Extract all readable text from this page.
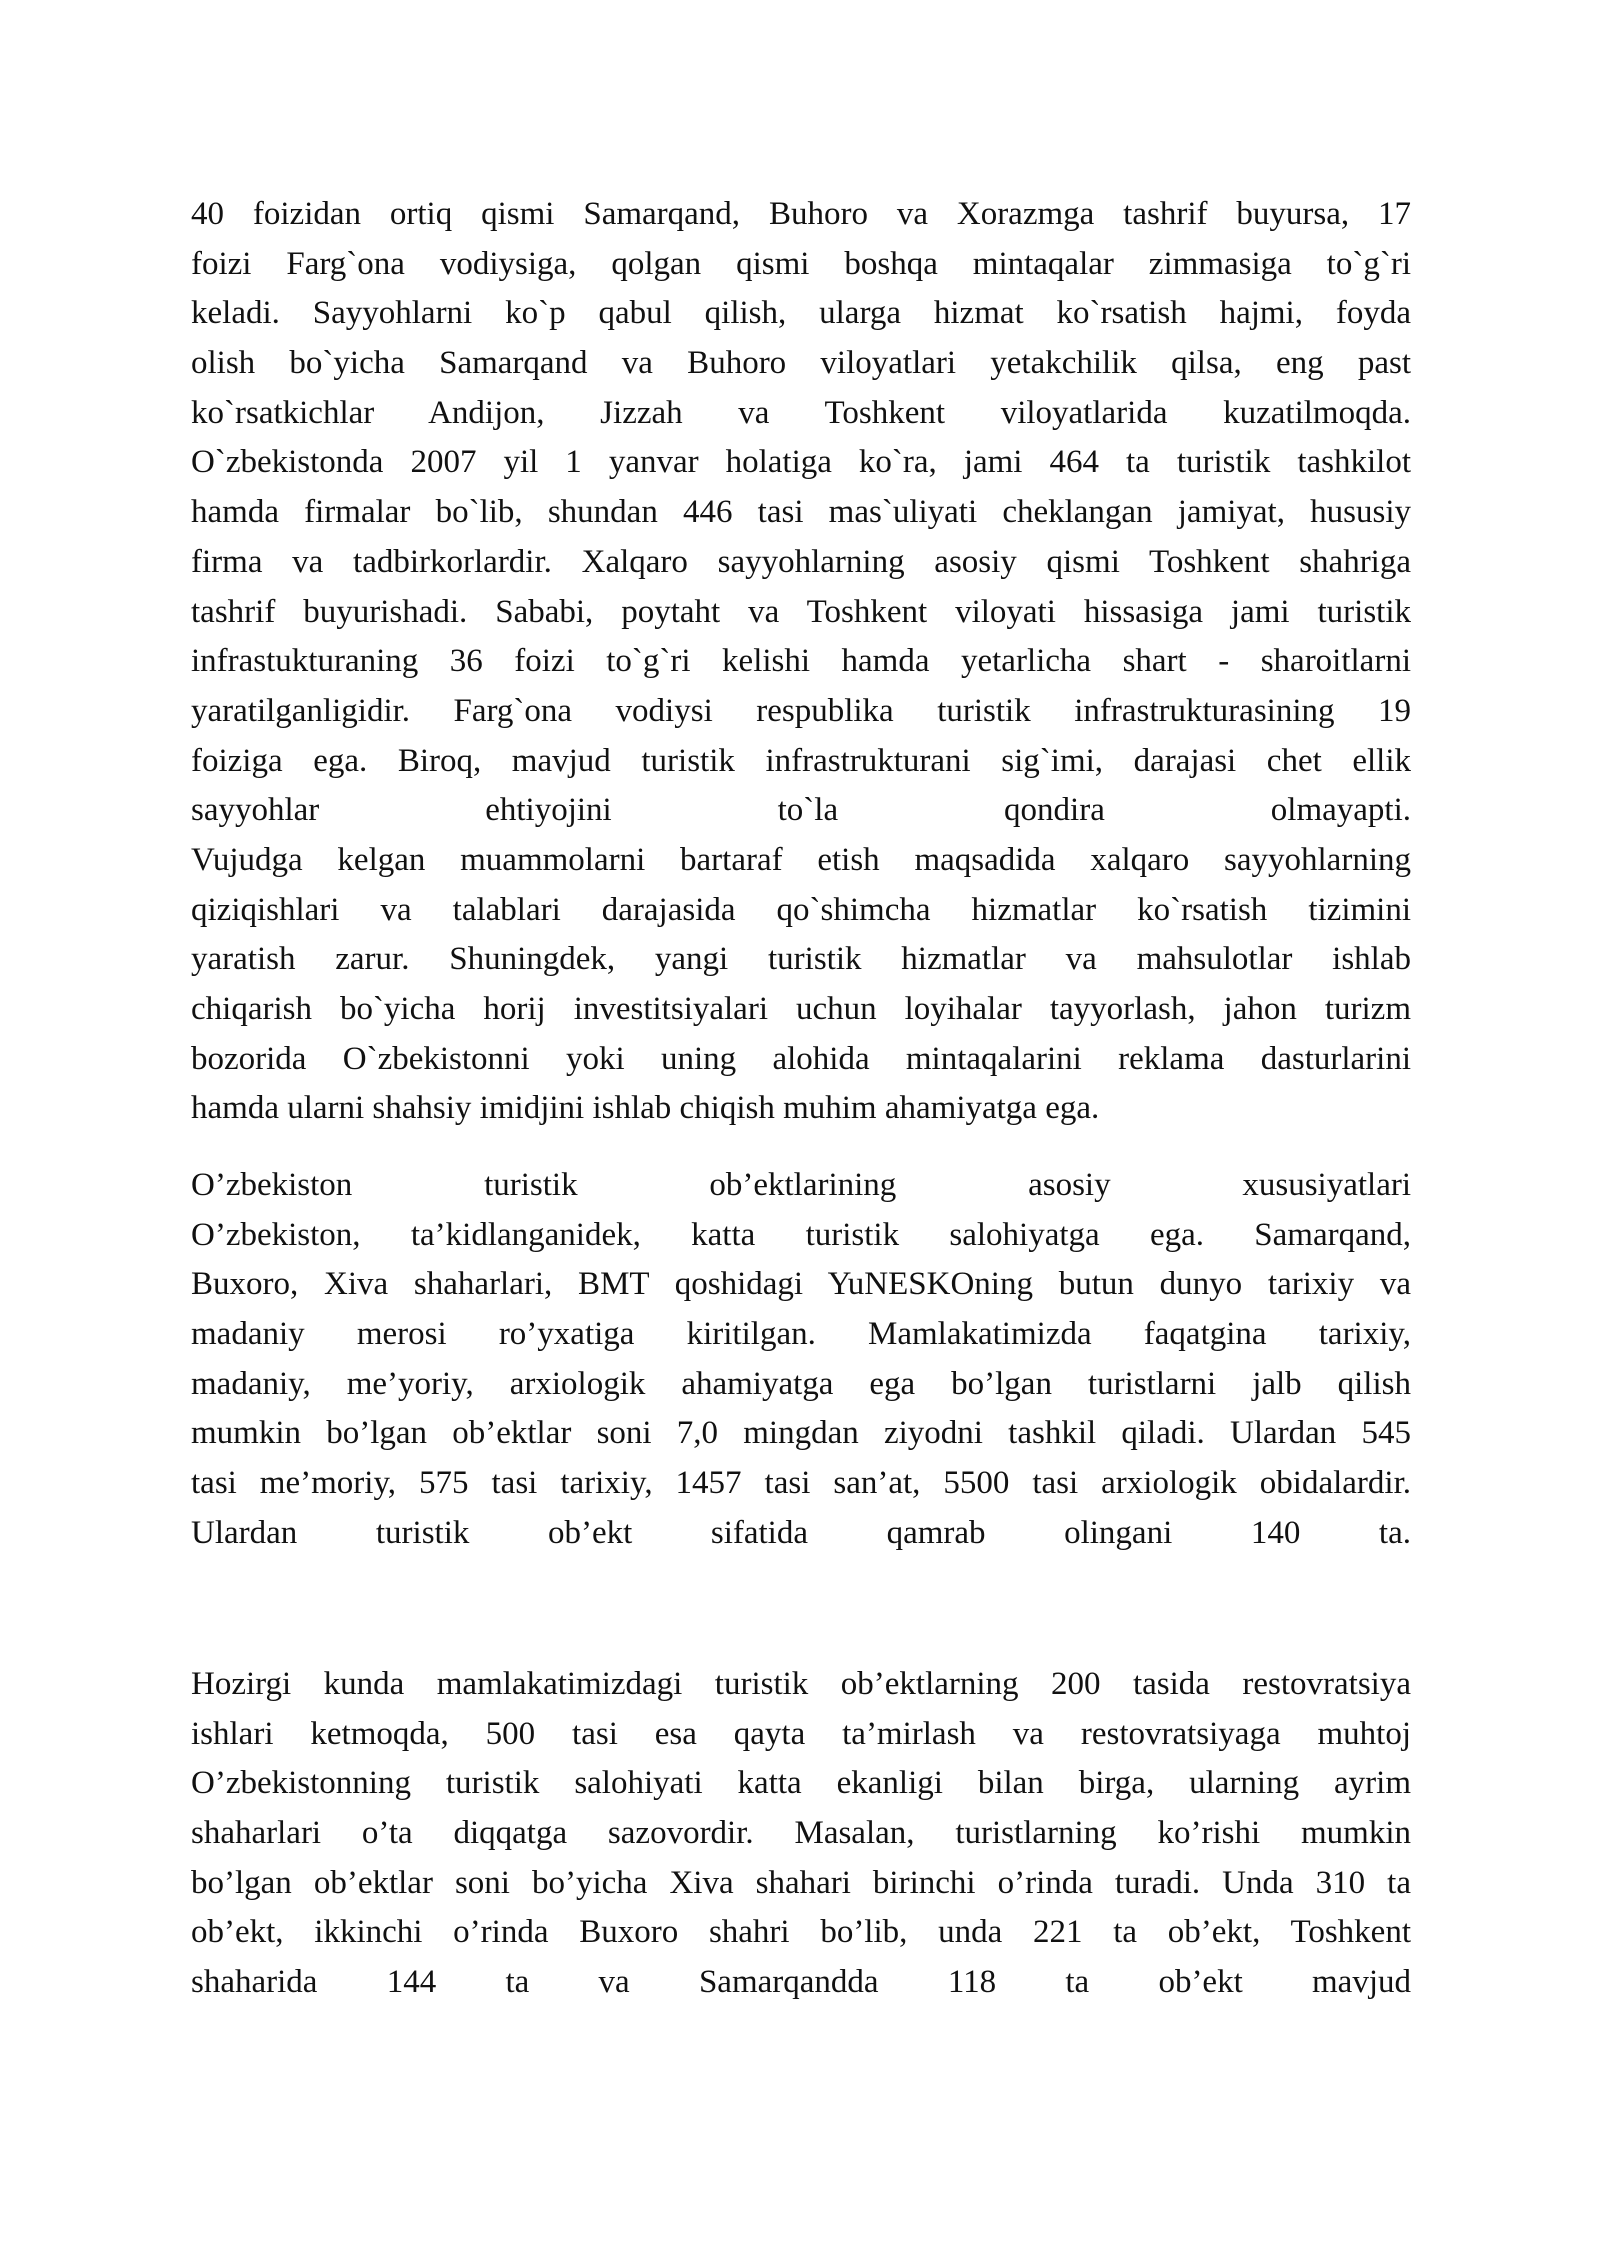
40 foizidan ortiq qismi Samarqand, Buhoro va Xorazmga tashrif buyursa, 17
foizi Farg`ona vodiysiga, qolgan qismi boshqa mintaqalar zimmasiga to`g`ri
keladi. Sayyohlarni ko`p qabul qilish, ularga hizmat ko`rsatish hajmi, foyda
olish bo`yicha Samarqand va Buhoro viloyatlari yetakchilik qilsa, eng past
ko`rsatkichlar Andijon, Jizzah va Toshkent viloyatlarida kuzatilmoqda.
O`zbekistonda 2007 yil 1 yanvar holatiga ko`ra, jami 464 ta turistik tashkilot
hamda firmalar bo`lib, shundan 446 tasi mas`uliyati cheklangan jamiyat, hususiy
firma va tadbirkorlardir. Xalqaro sayyohlarning asosiy qismi Toshkent shahriga
tashrif buyurishadi. Sababi, poytaht va Toshkent viloyati hissasiga jami turistik
infrastukturaning 36 foizi to`g`ri kelishi hamda yetarlicha shart - sharoitlarni
yaratilganligidir. Farg`ona vodiysi respublika turistik infrastrukturasining 19
foiziga ega. Biroq, mavjud turistik infrastrukturani sig`imi, darajasi chet ellik
sayyohlar ehtiyojini to`la qondira olmayapti.
Vujudga kelgan muammolarni bartaraf etish maqsadida xalqaro sayyohlarning
qiziqishlari va talablari darajasida qo`shimcha hizmatlar ko`rsatish tizimini
yaratish zarur. Shuningdek, yangi turistik hizmatlar va mahsulotlar ishlab
chiqarish bo`yicha horij investitsiyalari uchun loyihalar tayyorlash, jahon turizm
bozorida O`zbekistonni yoki uning alohida mintaqalarini reklama dasturlarini
hamda ularni shahsiy imidjini ishlab chiqish muhim ahamiyatga ega.
O’zbekiston turistik ob’ektlarining asosiy xususiyatlari
O’zbekiston, ta’kidlanganidek, katta turistik salohiyatga ega. Samarqand,
Buxoro, Xiva shaharlari, BMT qoshidagi YuNESKOning butun dunyo tarixiy va
madaniy merosi ro’yxatiga kiritilgan. Mamlakatimizda faqatgina tarixiy,
madaniy, me’yoriy, arxiologik ahamiyatga ega bo’lgan turistlarni jalb qilish
mumkin bo’lgan ob’ektlar soni 7,0 mingdan ziyodni tashkil qiladi. Ulardan 545
tasi me’moriy, 575 tasi tarixiy, 1457 tasi san’at, 5500 tasi arxiologik obidalardir.
Ulardan turistik ob’ekt sifatida qamrab olingani 140 ta.
Hozirgi kunda mamlakatimizdagi turistik ob’ektlarning 200 tasida restovratsiya
ishlari ketmoqda, 500 tasi esa qayta ta’mirlash va restovratsiyaga muhtoj
O’zbekistonning turistik salohiyati katta ekanligi bilan birga, ularning ayrim
shaharlari o’ta diqqatga sazovordir. Masalan, turistlarning ko’rishi mumkin
bo’lgan ob’ektlar soni bo’yicha Xiva shahari birinchi o’rinda turadi. Unda 310 ta
ob’ekt, ikkinchi o’rinda Buxoro shahri bo’lib, unda 221 ta ob’ekt, Toshkent
shaharida 144 ta va Samarqandda 118 ta ob’ekt mavjud
